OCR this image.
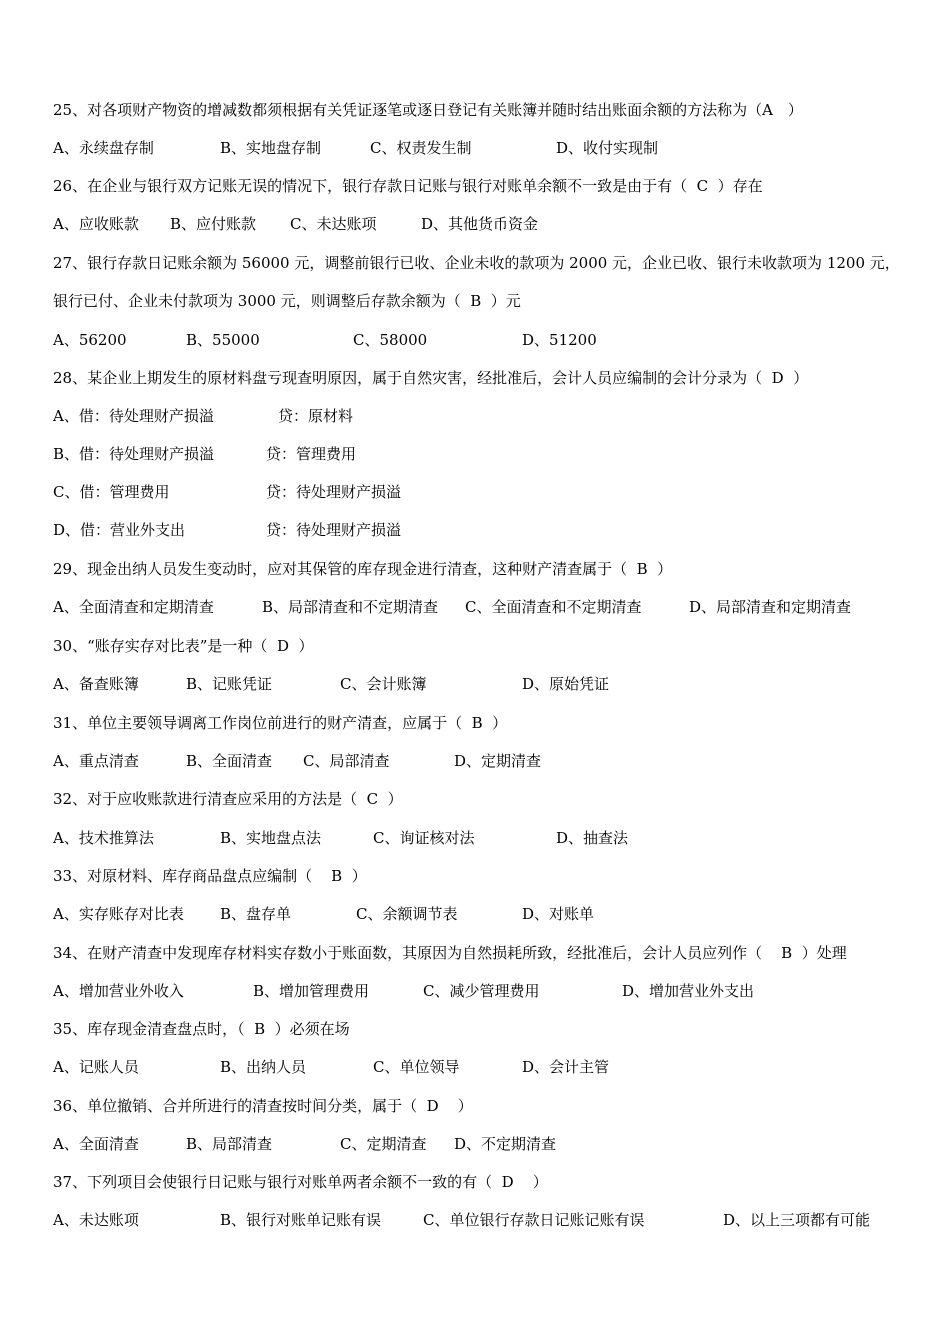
25、对各项财产物资的增减数都须根据有关凭证逐笔或逐日登记有关账簿并随时结出账面余额的方法称为（A　）
A、永续盘存制	B、实地盘存制	C、权责发生制	D、收付实现制
26、在企业与银行双方记账无误的情况下，银行存款日记账与银行对账单余额不一致是由于有（  C  ）存在
A、应收账款 B、应付账款 C、未达账项	D、其他货币资金
27、银行存款日记账余额为 56000 元，调整前银行已收、企业未收的款项为 2000 元，企业已收、银行未收款项为 1200 元，
银行已付、企业未付款项为 3000 元，则调整后存款余额为（  B  ）元
A、56200	B、55000	C、58000	D、51200
28、某企业上期发生的原材料盘亏现查明原因，属于自然灾害，经批准后，会计人员应编制的会计分录为（  D  ）
A、借：待处理财产损溢	贷：原材料
B、借：待处理财产损溢	贷：管理费用
C、借：管理费用	贷：待处理财产损溢
D、借：营业外支出	贷：待处理财产损溢
29、现金出纳人员发生变动时，应对其保管的库存现金进行清查，这种财产清查属于（  B  ）
A、全面清查和定期清查	B、局部清查和不定期清查 C、全面清查和不定期清查	D、局部清查和定期清查
30、“账存实存对比表”是一种（  D  ）
A、备查账簿	B、记账凭证	C、会计账簿	D、原始凭证
31、单位主要领导调离工作岗位前进行的财产清查，应属于（  B  ）
A、重点清查	B、全面清查 C、局部清查	D、定期清查
32、对于应收账款进行清查应采用的方法是（  C  ）
A、技术推算法	B、实地盘点法	C、询证核对法	D、抽查法
33、对原材料、库存商品盘点应编制（    B  ）
A、实存账存对比表 B、盘存单	C、余额调节表	D、对账单
34、在财产清查中发现库存材料实存数小于账面数，其原因为自然损耗所致，经批准后，会计人员应列作（    B  ）处理
A、增加营业外收入	B、增加管理费用	C、减少管理费用	D、增加营业外支出
35、库存现金清查盘点时，（  B  ）必须在场
A、记账人员	B、出纳人员	C、单位领导	D、会计主管
36、单位撤销、合并所进行的清查按时间分类，属于（  D    ）
A、全面清查	B、局部清查	C、定期清查 D、不定期清查
37、下列项目会使银行日记账与银行对账单两者余额不一致的有（  D    ）
A、未达账项	B、银行对账单记账有误	C、单位银行存款日记账记账有误	D、以上三项都有可能
